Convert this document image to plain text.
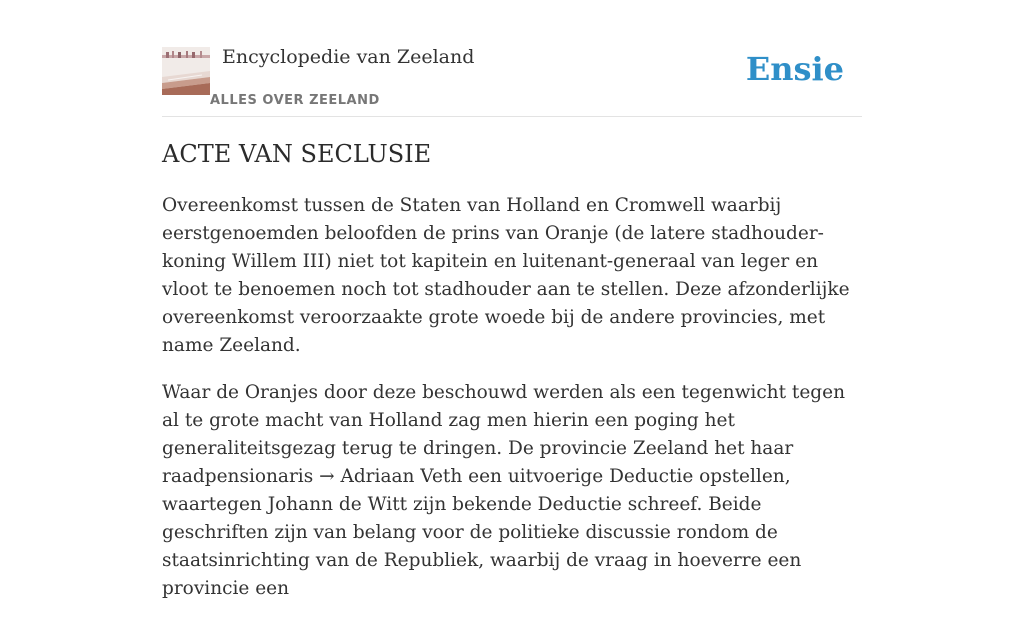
Encyclopedie van Zeeland
ALLES OVER ZEELAND
Ensie
ACTE VAN SECLUSIE

Overeenkomst tussen de Staten van Holland en Cromwell waarbij eerstgenoemden beloofden de prins van Oranje (de latere stadhouder-koning Willem III) niet tot kapitein en luitenant-generaal van leger en vloot te benoemen noch tot stadhouder aan te stellen. Deze afzonderlijke overeenkomst veroorzaakte grote woede bij de andere provincies, met name Zeeland.

Waar de Oranjes door deze beschouwd werden als een tegenwicht tegen al te grote macht van Holland zag men hierin een poging het generaliteitsgezag terug te dringen. De provincie Zeeland het haar raadpensionaris → Adriaan Veth een uitvoerige Deductie opstellen, waartegen Johann de Witt zijn bekende Deductie schreef. Beide geschriften zijn van belang voor de politieke discussie rondom de staatsinrichting van de Republiek, waarbij de vraag in hoeverre een provincie een
